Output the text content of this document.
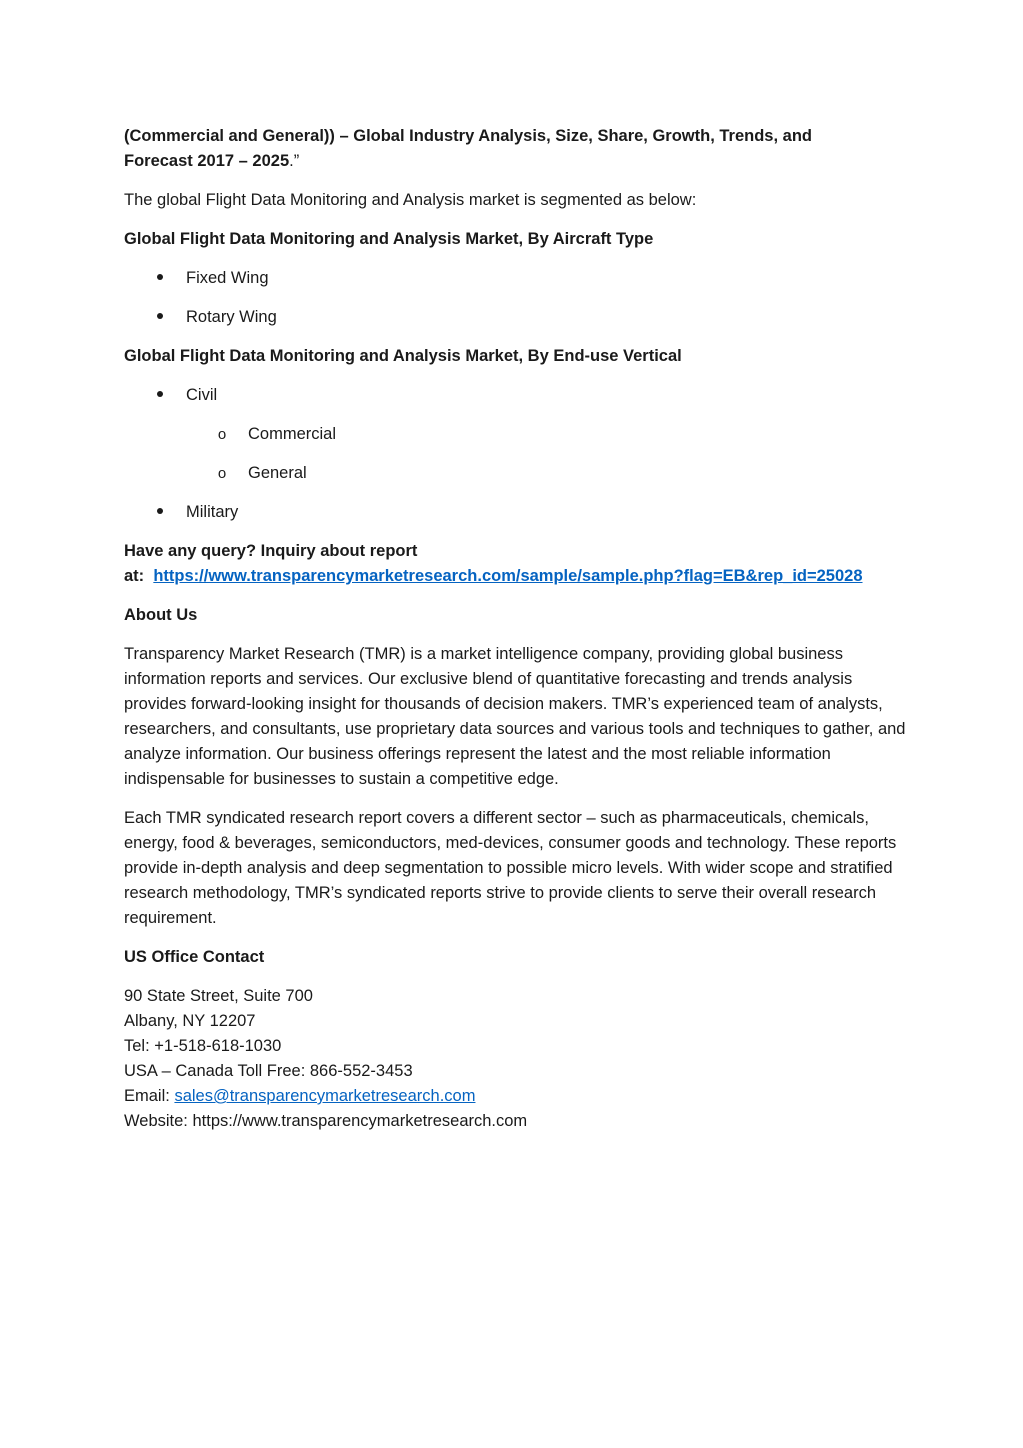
(Commercial and General)) – Global Industry Analysis, Size, Share, Growth, Trends, and
Forecast 2017 – 2025.”

The global Flight Data Monitoring and Analysis market is segmented as below:

Global Flight Data Monitoring and Analysis Market, By Aircraft Type

Fixed Wing
Rotary Wing

Global Flight Data Monitoring and Analysis Market, By End-use Vertical

Civil
o Commercial
o General
Military

Have any query? Inquiry about report
at: https://www.transparencymarketresearch.com/sample/sample.php?flag=EB&rep_id=25028

About Us

Transparency Market Research (TMR) is a market intelligence company, providing global business information reports and services. Our exclusive blend of quantitative forecasting and trends analysis provides forward-looking insight for thousands of decision makers. TMR’s experienced team of analysts, researchers, and consultants, use proprietary data sources and various tools and techniques to gather, and analyze information. Our business offerings represent the latest and the most reliable information indispensable for businesses to sustain a competitive edge.

Each TMR syndicated research report covers a different sector – such as pharmaceuticals, chemicals, energy, food & beverages, semiconductors, med-devices, consumer goods and technology. These reports provide in-depth analysis and deep segmentation to possible micro levels. With wider scope and stratified research methodology, TMR’s syndicated reports strive to provide clients to serve their overall research requirement.

US Office Contact

90 State Street, Suite 700

Albany, NY 12207

Tel: +1-518-618-1030

USA – Canada Toll Free: 866-552-3453

Email: sales@transparencymarketresearch.com

Website: https://www.transparencymarketresearch.com
